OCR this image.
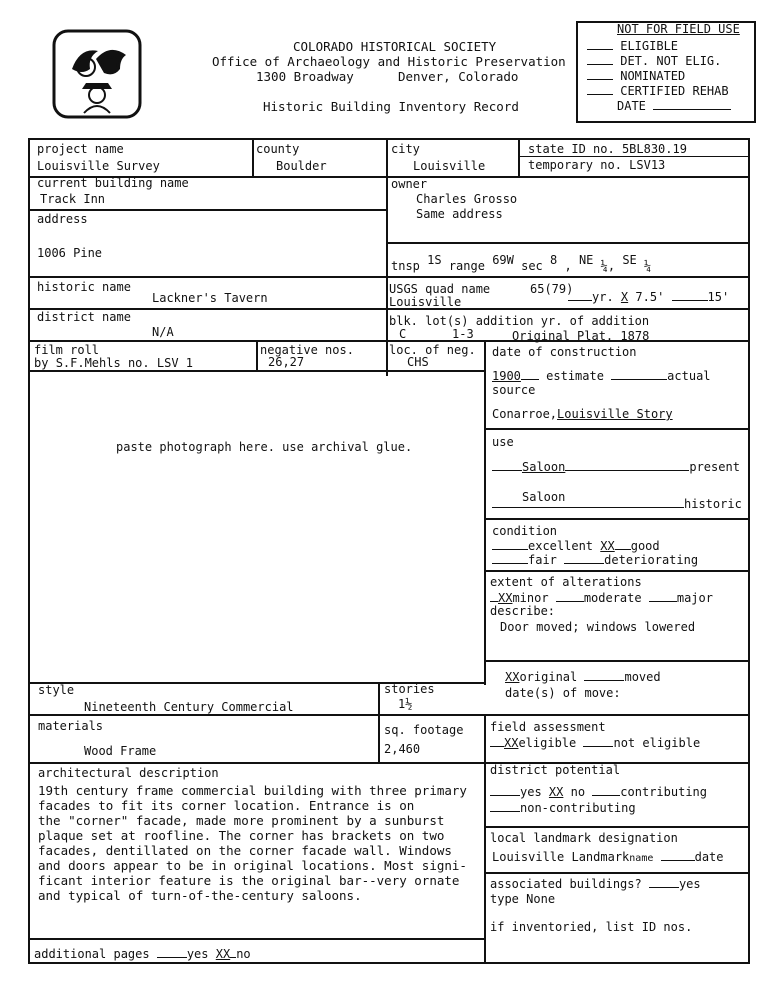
COLORADO HISTORICAL SOCIETY
Office of Archaeology and Historic Preservation
1300 Broadway	Denver, Colorado
Historic Building Inventory Record
NOT FOR FIELD USE
ELIGIBLE
DET. NOT ELIG.
NOMINATED
CERTIFIED REHAB
DATE
project name
Louisville Survey
county
Boulder
city
Louisville
state ID no. 5BL830.19
temporary no. LSV13
current building name
Track Inn
address
1006 Pine
owner
Charles Grosso
Same address
tnsp 1S range 69W sec 8 , NE ¼, SE ¼
historic name
Lackner's Tavern
USGS quad name
Louisville
65(79)
yr. X 7.5'	15'
district name
N/A
blk. lot(s) addition yr. of addition
C	1-3	Original Plat. 1878
film roll
by S.F.Mehls no. LSV 1
negative nos.
26,27
loc. of neg.
CHS
paste photograph here. use archival glue.
date of construction
1900 estimate	actual
source
Conarroe,Louisville Story
use
Saloon	present
Saloon	historic
condition
excellent XX good
fair	deteriorating
extent of alterations
XXminor	moderate	major
describe:
Door moved; windows lowered
XXoriginal	moved
date(s) of move:
style
Nineteenth Century Commercial
stories
1½
materials
Wood Frame
sq. footage
2,460
field assessment
XXeligible	not eligible
architectural description
19th century frame commercial building with three primary
facades to fit its corner location. Entrance is on
the "corner" facade, made more prominent by a sunburst
plaque set at roofline. The corner has brackets on two
facades, dentillated on the corner facade wall. Windows
and doors appear to be in original locations. Most signi-
ficant interior feature is the original bar--very ornate
and typical of turn-of-the-century saloons.
district potential
yes XX no	contributing
non-contributing
local landmark designation
Louisville Landmarkname	date
associated buildings?	yes
type None
if inventoried, list ID nos.
additional pages	yes XX no
